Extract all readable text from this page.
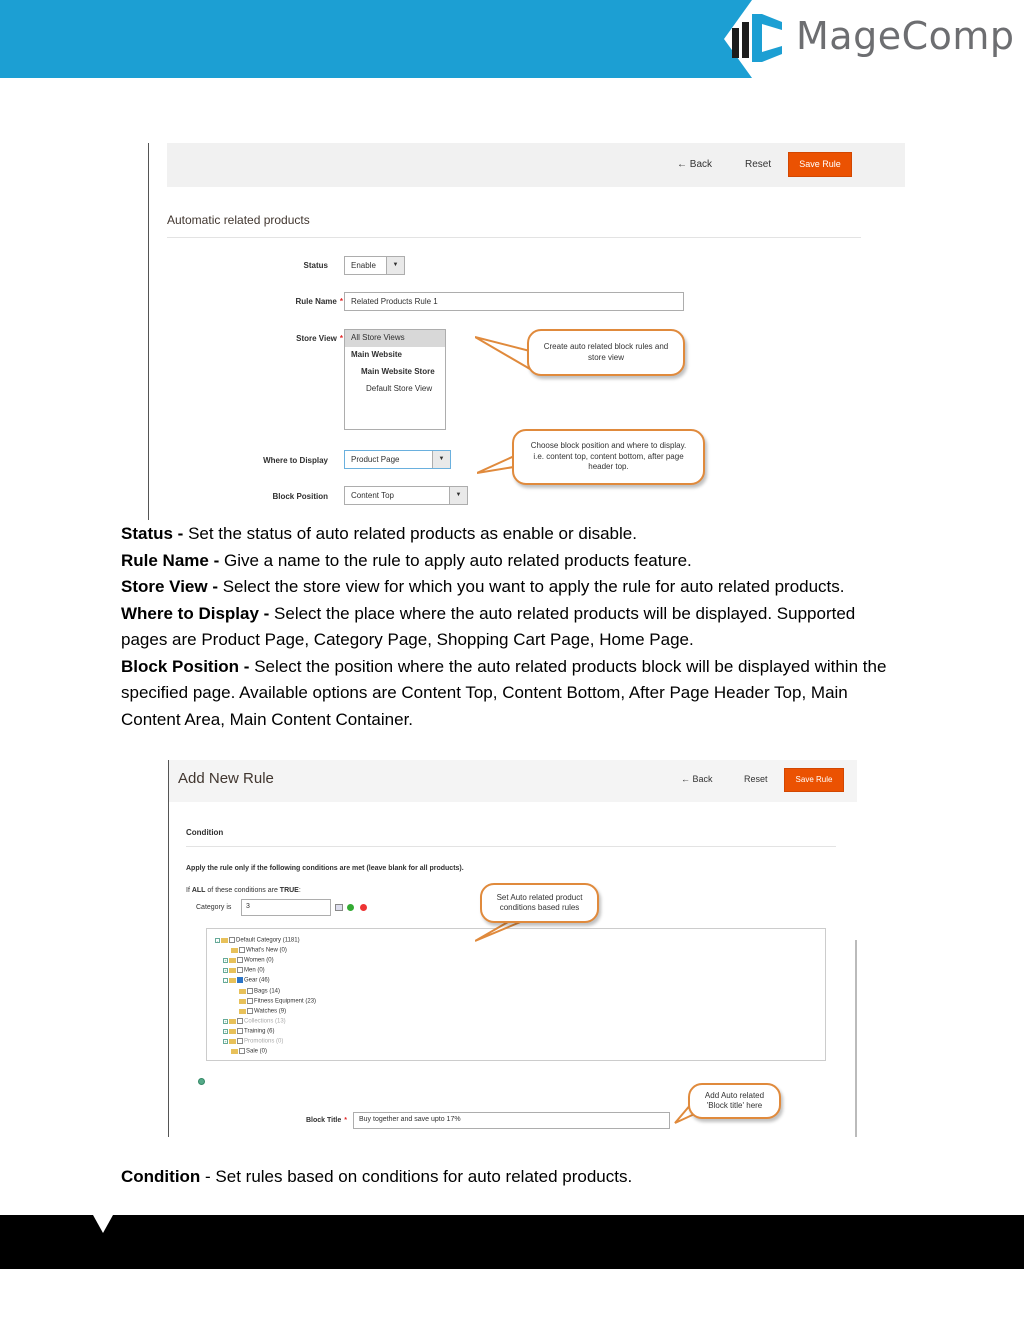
MageComp
← Back	Reset	Save Rule
Automatic related products
Status	Enable	▼
Rule Name *	Related Products Rule 1
Store View *	All Store Views
Main Website
Main Website Store
Default Store View
Where to Display	Product Page	▼
Block Position	Content Top	▼
Create auto related block rules and store view
Choose block position and where to display.
i.e. content top, content bottom, after page header top.
Status - Set the status of auto related products as enable or disable.
Rule Name - Give a name to the rule to apply auto related products feature.
Store View - Select the store view for which you want to apply the rule for auto related products.
Where to Display - Select the place where the auto related products will be displayed. Supported pages are Product Page, Category Page, Shopping Cart Page, Home Page.
Block Position - Select the position where the auto related products block will be displayed within the specified page. Available options are Content Top, Content Bottom, After Page Header Top, Main Content Area, Main Content Container.
Add New Rule	← Back	Reset	Save Rule
Condition
Apply the rule only if the following conditions are met (leave blank for all products).
If ALL of these conditions are TRUE:
Category is	3
-	Default Category (1181)
What's New (0)
+	Women (0)
+	Men (0)
-	Gear (46)
Bags (14)
Fitness Equipment (23)
Watches (9)
+	Collections (13)
+	Training (6)
+	Promotions (0)
Sale (0)
Block Title *	Buy together and save upto 17%
Set Auto related product conditions based rules
Add Auto related 'Block title' here
Condition - Set rules based on conditions for auto related products.
